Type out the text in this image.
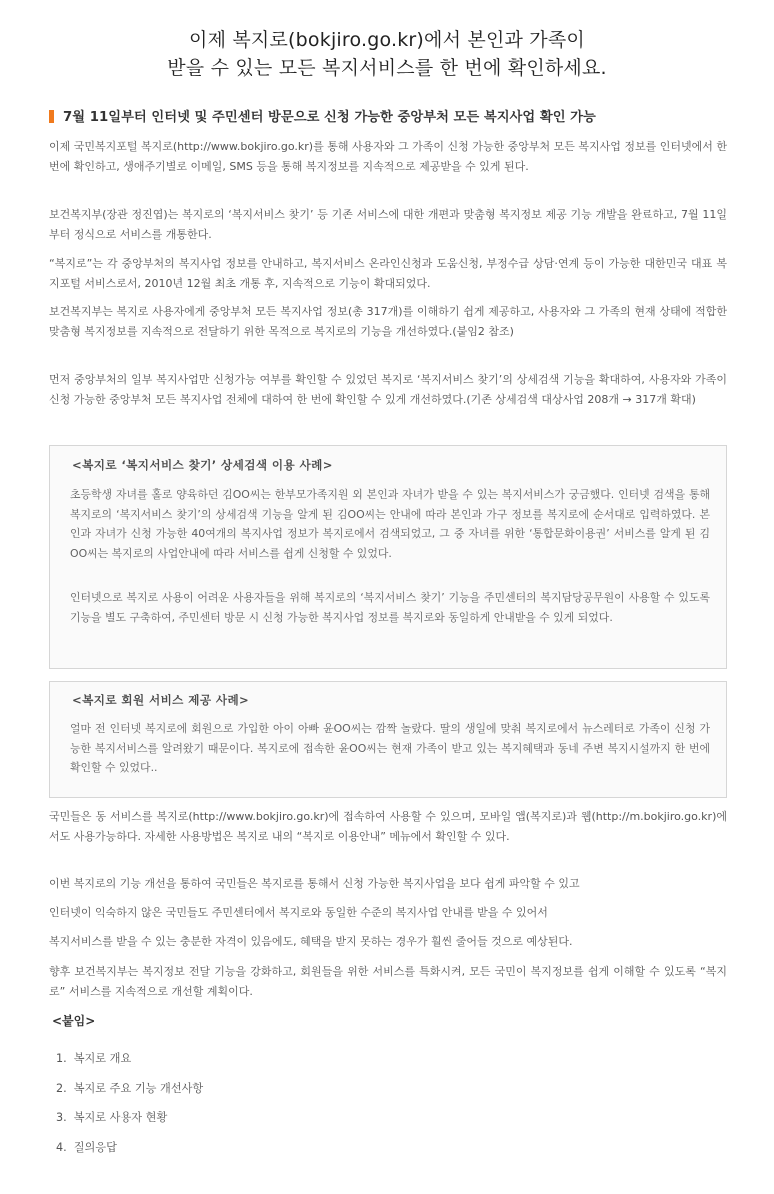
이제 복지로(bokjiro.go.kr)에서 본인과 가족이
받을 수 있는 모든 복지서비스를 한 번에 확인하세요.
7월 11일부터 인터넷 및 주민센터 방문으로 신청 가능한 중앙부처 모든 복지사업 확인 가능

이제 국민복지포털 복지로(http://www.bokjiro.go.kr)를 통해 사용자와 그 가족이 신청 가능한 중앙부처 모든 복지사업 정보를 인터넷에서 한 번에 확인하고, 생애주기별로 이메일, SMS 등을 통해 복지정보를 지속적으로 제공받을 수 있게 된다.

보건복지부(장관 정진엽)는 복지로의 ‘복지서비스 찾기’ 등 기존 서비스에 대한 개편과 맞춤형 복지정보 제공 기능 개발을 완료하고, 7월 11일부터 정식으로 서비스를 개통한다.

“복지로”는 각 중앙부처의 복지사업 정보를 안내하고, 복지서비스 온라인신청과 도움신청, 부정수급 상담·연계 등이 가능한 대한민국 대표 복지포털 서비스로서, 2010년 12월 최초 개통 후, 지속적으로 기능이 확대되었다.

보건복지부는 복지로 사용자에게 중앙부처 모든 복지사업 정보(총 317개)를 이해하기 쉽게 제공하고, 사용자와 그 가족의 현재 상태에 적합한 맞춤형 복지정보를 지속적으로 전달하기 위한 목적으로 복지로의 기능을 개선하였다.(붙임2 참조)

먼저 중앙부처의 일부 복지사업만 신청가능 여부를 확인할 수 있었던 복지로 ‘복지서비스 찾기’의 상세검색 기능을 확대하여, 사용자와 가족이 신청 가능한 중앙부처 모든 복지사업 전체에 대하여 한 번에 확인할 수 있게 개선하였다.(기존 상세검색 대상사업 208개 → 317개 확대)

<복지로 ‘복지서비스 찾기’ 상세검색 이용 사례>

초등학생 자녀를 홀로 양육하던 김OO씨는 한부모가족지원 외 본인과 자녀가 받을 수 있는 복지서비스가 궁금했다. 인터넷 검색을 통해 복지로의 ‘복지서비스 찾기’의 상세검색 기능을 알게 된 김OO씨는 안내에 따라 본인과 가구 정보를 복지로에 순서대로 입력하였다. 본인과 자녀가 신청 가능한 40여개의 복지사업 정보가 복지로에서 검색되었고, 그 중 자녀를 위한 ‘통합문화이용권’ 서비스를 알게 된 김OO씨는 복지로의 사업안내에 따라 서비스를 쉽게 신청할 수 있었다.

인터넷으로 복지로 사용이 어려운 사용자들을 위해 복지로의 ‘복지서비스 찾기’ 기능을 주민센터의 복지담당공무원이 사용할 수 있도록 기능을 별도 구축하여, 주민센터 방문 시 신청 가능한 복지사업 정보를 복지로와 동일하게 안내받을 수 있게 되었다.

<복지로 회원 서비스 제공 사례>

얼마 전 인터넷 복지로에 회원으로 가입한 아이 아빠 윤OO씨는 깜짝 놀랐다. 딸의 생일에 맞춰 복지로에서 뉴스레터로 가족이 신청 가능한 복지서비스를 알려왔기 때문이다. 복지로에 접속한 윤OO씨는 현재 가족이 받고 있는 복지혜택과 동네 주변 복지시설까지 한 번에 확인할 수 있었다..

국민들은 동 서비스를 복지로(http://www.bokjiro.go.kr)에 접속하여 사용할 수 있으며, 모바일 앱(복지로)과 웹(http://m.bokjiro.go.kr)에서도 사용가능하다. 자세한 사용방법은 복지로 내의 “복지로 이용안내” 메뉴에서 확인할 수 있다.

이번 복지로의 기능 개선을 통하여 국민들은 복지로를 통해서 신청 가능한 복지사업을 보다 쉽게 파악할 수 있고

인터넷이 익숙하지 않은 국민들도 주민센터에서 복지로와 동일한 수준의 복지사업 안내를 받을 수 있어서

복지서비스를 받을 수 있는 충분한 자격이 있음에도, 혜택을 받지 못하는 경우가 훨씬 줄어들 것으로 예상된다.

향후 보건복지부는 복지정보 전달 기능을 강화하고, 회원들을 위한 서비스를 특화시켜, 모든 국민이 복지정보를 쉽게 이해할 수 있도록 “복지로” 서비스를 지속적으로 개선할 계획이다.

<붙임>
1. 복지로 개요
2. 복지로 주요 기능 개선사항
3. 복지로 사용자 현황
4. 질의응답
